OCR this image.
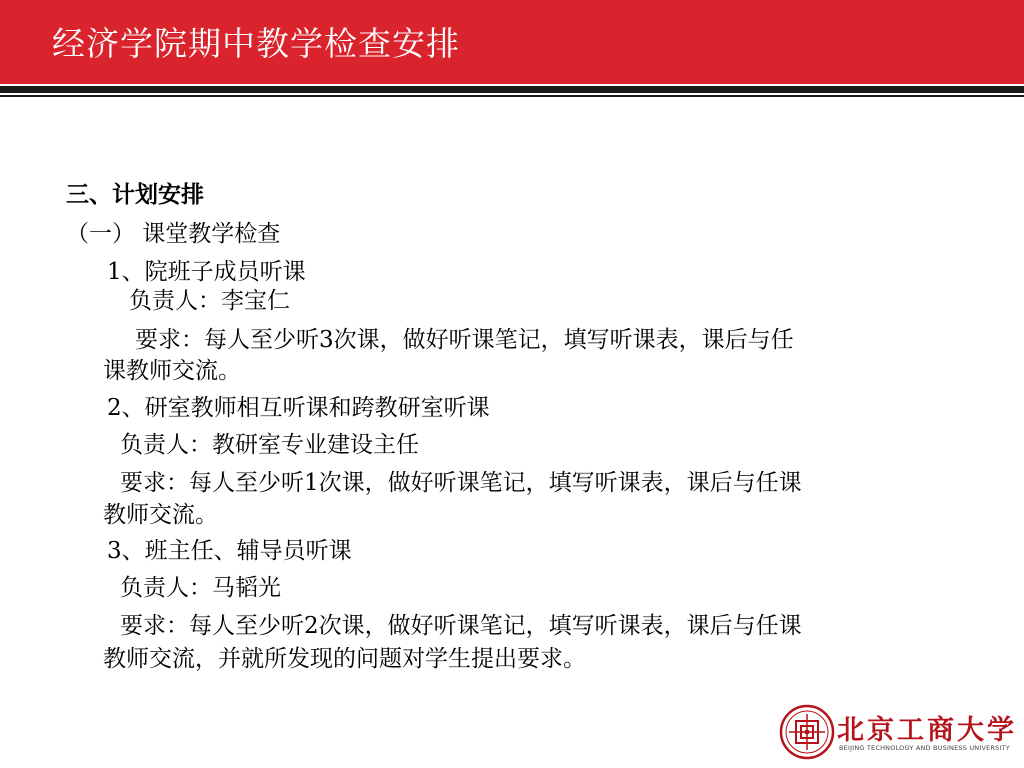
经济学院期中教学检查安排
三、计划安排
（一） 课堂教学检查
1、院班子成员听课
负责人：李宝仁
要求：每人至少听3次课，做好听课笔记，填写听课表，课后与任
课教师交流。
2、研室教师相互听课和跨教研室听课
负责人：教研室专业建设主任
要求：每人至少听1次课，做好听课笔记，填写听课表，课后与任课
教师交流。
3、班主任、辅导员听课
负责人：马韬光
要求：每人至少听2次课，做好听课笔记，填写听课表，课后与任课
教师交流，并就所发现的问题对学生提出要求。
北京工商大学
BEIJING TECHNOLOGY AND BUSINESS UNIVERSITY
